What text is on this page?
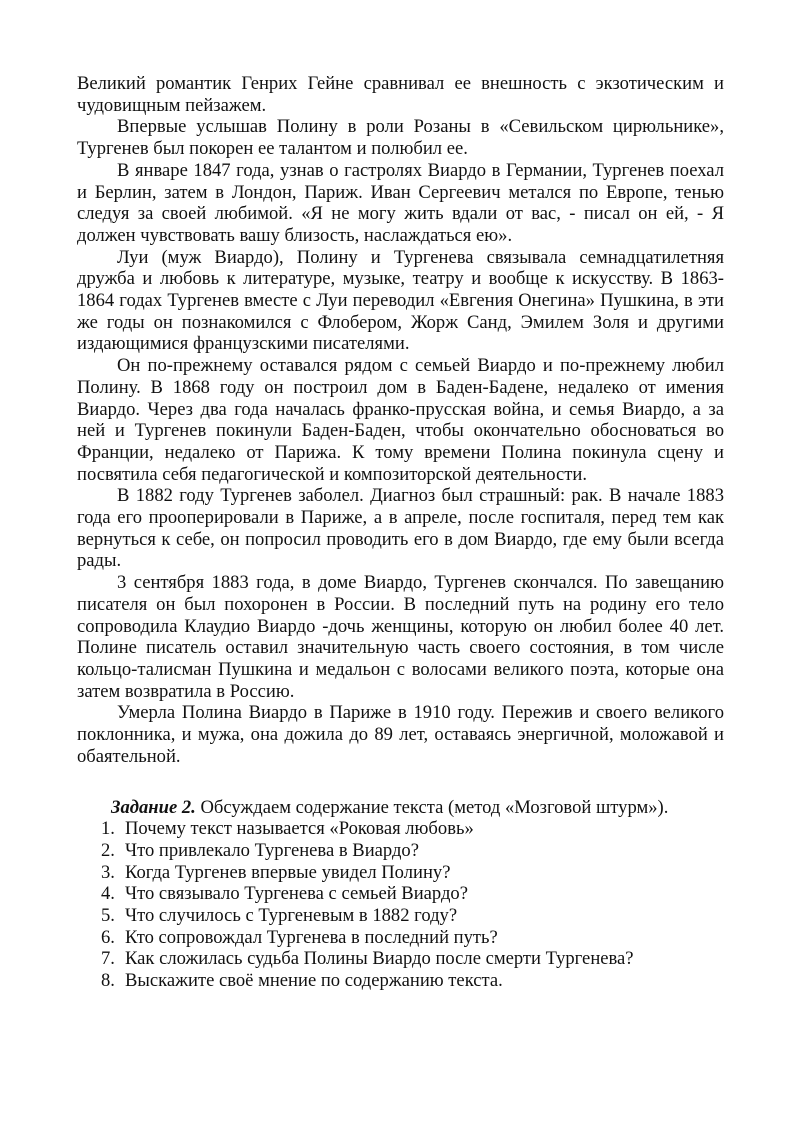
Великий романтик Генрих Гейне сравнивал ее внешность с экзотическим и чудовищным пейзажем.

Впервые услышав Полину в роли Розаны в «Севильском цирюльнике», Тургенев был покорен ее талантом и полюбил ее.

В январе 1847 года, узнав о гастролях Виардо в Германии, Тургенев поехал и Берлин, затем в Лондон, Париж. Иван Сергеевич метался по Европе, тенью следуя за своей любимой. «Я не могу жить вдали от вас, - писал он ей, - Я должен чувствовать вашу близость, наслаждаться ею».

Луи (муж Виардо), Полину и Тургенева связывала семнадцатилетняя дружба и любовь к литературе, музыке, театру и вообще к искусству. В 1863-1864 годах Тургенев вместе с Луи переводил «Евгения Онегина» Пушкина, в эти же годы он познакомился с Флобером, Жорж Санд, Эмилем Золя и другими издающимися французскими писателями.

Он по-прежнему оставался рядом с семьей Виардо и по-прежнему любил Полину. В 1868 году он построил дом в Баден-Бадене, недалеко от имения Виардо. Через два года началась франко-прусская война, и семья Виардо, а за ней и Тургенев покинули Баден-Баден, чтобы окончательно обосноваться во Франции, недалеко от Парижа. К тому времени Полина покинула сцену и посвятила себя педагогической и композиторской деятельности.

В 1882 году Тургенев заболел. Диагноз был страшный: рак. В начале 1883 года его прооперировали в Париже, а в апреле, после госпиталя, перед тем как вернуться к себе, он попросил проводить его в дом Виардо, где ему были всегда рады.

3 сентября 1883 года, в доме Виардо, Тургенев скончался. По завещанию писателя он был похоронен в России. В последний путь на родину его тело сопроводила Клаудио Виардо -дочь женщины, которую он любил более 40 лет. Полине писатель оставил значительную часть своего состояния, в том числе кольцо-талисман Пушкина и медальон с волосами великого поэта, которые она затем возвратила в Россию.

Умерла Полина Виардо в Париже в 1910 году. Пережив и своего великого поклонника, и мужа, она дожила до 89 лет, оставаясь энергичной, моложавой и обаятельной.

Задание 2. Обсуждаем содержание текста (метод «Мозговой штурм»).

1. Почему текст называется «Роковая любовь»
2. Что привлекало Тургенева в Виардо?
3. Когда Тургенев впервые увидел Полину?
4. Что связывало Тургенева с семьей Виардо?
5. Что случилось с Тургеневым в 1882 году?
6. Кто сопровождал Тургенева в последний путь?
7. Как сложилась судьба Полины Виардо после смерти Тургенева?
8. Выскажите своё мнение по содержанию текста.
